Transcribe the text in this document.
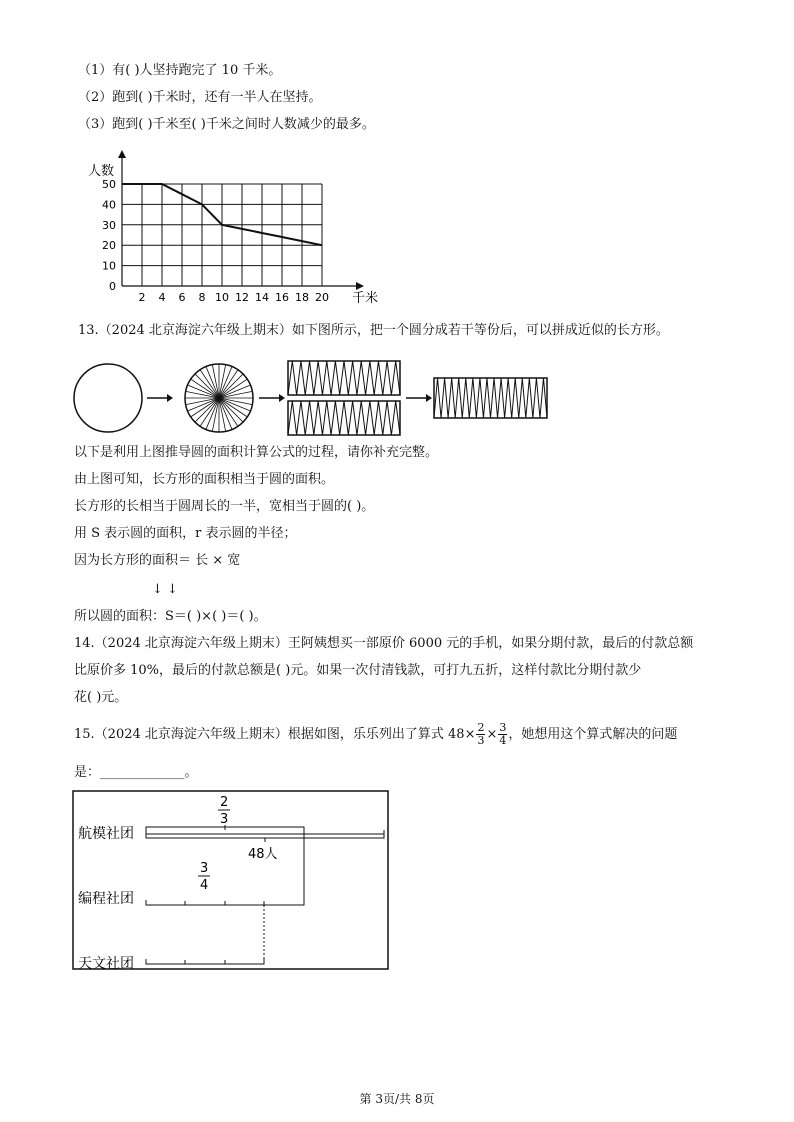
（1）有( )人坚持跑完了 10 千米。
（2）跑到( )千米时，还有一半人在坚持。
（3）跑到( )千米至( )千米之间时人数减少的最多。
人数
千米
2 4 6 8 10 12 14 16 18 20
0
10
20
30
40
50
13.（2024 北京海淀六年级上期末）如下图所示，把一个圆分成若干等份后，可以拼成近似的长方形。
以下是利用上图推导圆的面积计算公式的过程，请你补充完整。
由上图可知，长方形的面积相当于圆的面积。
长方形的长相当于圆周长的一半，宽相当于圆的( )。
用 S 表示圆的面积，r 表示圆的半径；
因为长方形的面积＝ 长 × 宽
↓ ↓
所以圆的面积：S＝( )×( )＝( )。
14.（2024 北京海淀六年级上期末）王阿姨想买一部原价 6000 元的手机，如果分期付款，最后的付款总额
比原价多 10%，最后的付款总额是( )元。如果一次付清钱款，可打九五折，这样付款比分期付款少
花( )元。
15.（2024 北京海淀六年级上期末）根据如图，乐乐列出了算式 $48\times \frac{2}{3} \times \frac{3}{4}$ ，她想用这个算式解决的问题
是：_____________。
航模社团
编程社团
天文社团
2
3
48人
3
4
第 3页/共 8页
